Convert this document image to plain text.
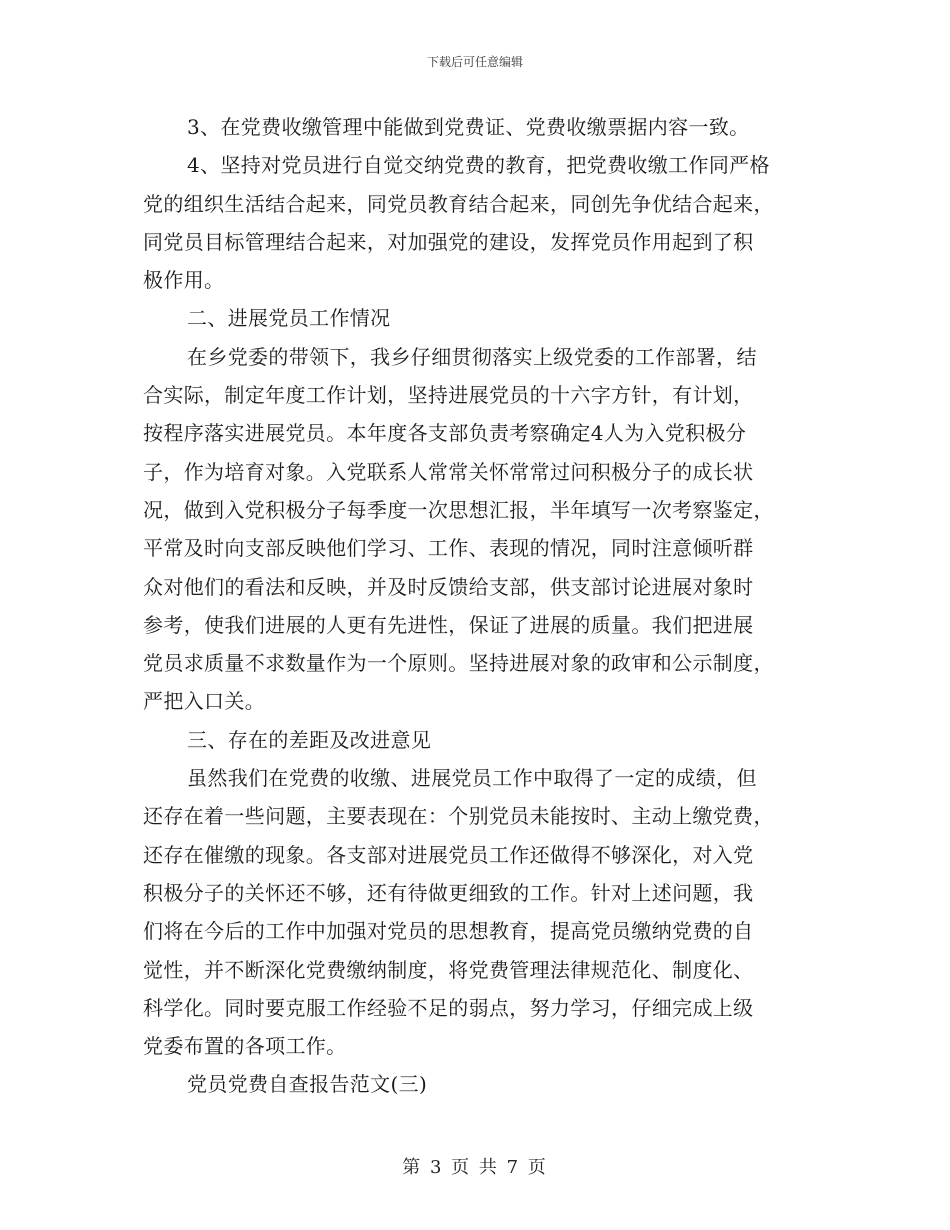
下载后可任意编辑
3、在党费收缴管理中能做到党费证、党费收缴票据内容一致。
4、坚持对党员进行自觉交纳党费的教育，把党费收缴工作同严格
党的组织生活结合起来，同党员教育结合起来，同创先争优结合起来，
同党员目标管理结合起来，对加强党的建设，发挥党员作用起到了积
极作用。
二、进展党员工作情况
在乡党委的带领下，我乡仔细贯彻落实上级党委的工作部署，结
合实际，制定年度工作计划，坚持进展党员的十六字方针，有计划，
按程序落实进展党员。本年度各支部负责考察确定4人为入党积极分
子，作为培育对象。入党联系人常常关怀常常过问积极分子的成长状
况，做到入党积极分子每季度一次思想汇报，半年填写一次考察鉴定，
平常及时向支部反映他们学习、工作、表现的情况，同时注意倾听群
众对他们的看法和反映，并及时反馈给支部，供支部讨论进展对象时
参考，使我们进展的人更有先进性，保证了进展的质量。我们把进展
党员求质量不求数量作为一个原则。坚持进展对象的政审和公示制度，
严把入口关。
三、存在的差距及改进意见
虽然我们在党费的收缴、进展党员工作中取得了一定的成绩，但
还存在着一些问题，主要表现在：个别党员未能按时、主动上缴党费，
还存在催缴的现象。各支部对进展党员工作还做得不够深化，对入党
积极分子的关怀还不够，还有待做更细致的工作。针对上述问题，我
们将在今后的工作中加强对党员的思想教育，提高党员缴纳党费的自
觉性，并不断深化党费缴纳制度，将党费管理法律规范化、制度化、
科学化。同时要克服工作经验不足的弱点，努力学习，仔细完成上级
党委布置的各项工作。
党员党费自查报告范文(三)
第 3 页 共 7 页
